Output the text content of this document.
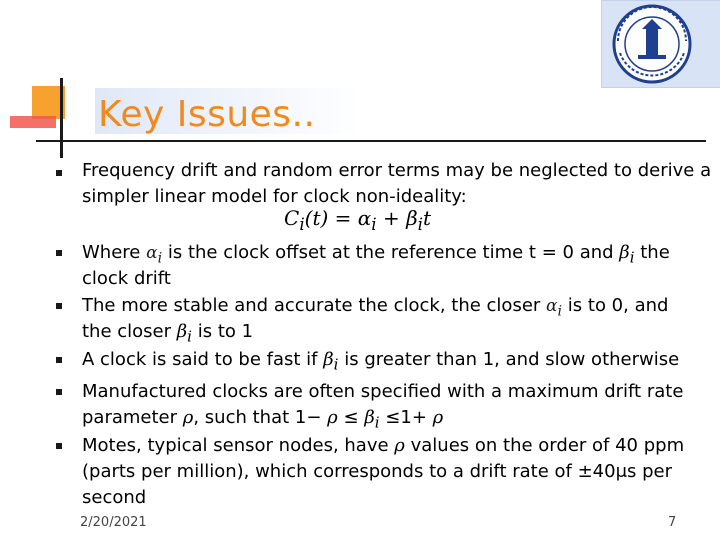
Key Issues..
Frequency drift and random error terms may be neglected to derive a
simpler linear model for clock non-ideality:
$C_i(t) = \alpha_i + \beta_it$
Where $\alpha_i$ is the clock offset at the reference time t = 0 and $\beta_i$ the
clock drift
The more stable and accurate the clock, the closer $\alpha_i$ is to 0, and
the closer $\beta_i$ is to 1
A clock is said to be fast if $\beta_i$ is greater than 1, and slow otherwise
Manufactured clocks are often specified with a maximum drift rate
parameter ρ, such that $1- \rho \le \beta_i \le 1+ \rho$
Motes, typical sensor nodes, have ρ values on the order of 40 ppm
(parts per million), which corresponds to a drift rate of ±40μs per
second
2/20/2021	7
